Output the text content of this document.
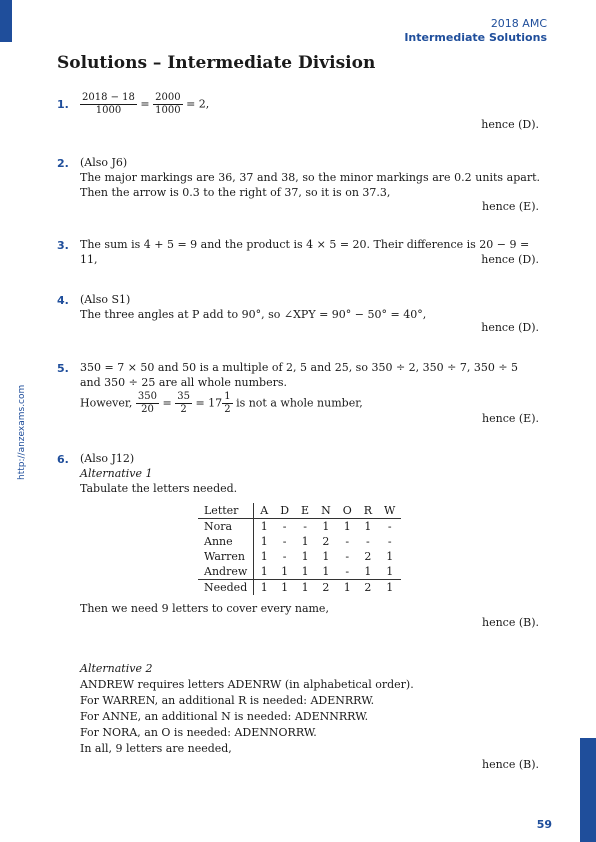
2018 AMC
Intermediate Solutions
http://anzexams.com
Solutions – Intermediate Division
1. $\frac{2018 - 18}{1000} = \frac{2000}{1000} = 2$,
hence (D).
2. (Also J6)
The major markings are 36, 37 and 38, so the minor markings are 0.2 units apart. Then the arrow is 0.3 to the right of 37, so it is on 37.3,
hence (E).
3. The sum is 4 + 5 = 9 and the product is 4 × 5 = 20. Their difference is 20 − 9 = 11,	hence (D).
4. (Also S1)
The three angles at P add to 90°, so ∠XPY = 90° − 50° = 40°,
hence (D).
5. 350 = 7 × 50 and 50 is a multiple of 2, 5 and 25, so 350 ÷ 2, 350 ÷ 7, 350 ÷ 5 and 350 ÷ 25 are all whole numbers.
However, $\frac{350}{20} = \frac{35}{2} = 17 \frac{1}{2}$ is not a whole number,
hence (E).
6. (Also J12)
Alternative 1
Tabulate the letters needed.
Letter	A	D	E	N	O	R	W
Nora	1	-	-	1	1	1	-
Anne	1	-	1	2	-	-	-
Warren	1	-	1	1	-	2	1
Andrew	1	1	1	1	-	1	1
Needed	1	1	1	2	1	2	1
Then we need 9 letters to cover every name,
hence (B).
Alternative 2
ANDREW requires letters ADENRW (in alphabetical order).
For WARREN, an additional R is needed: ADENRRW.
For ANNE, an additional N is needed: ADENNRRW.
For NORA, an O is needed: ADENNORRW.
In all, 9 letters are needed,
hence (B).
59
